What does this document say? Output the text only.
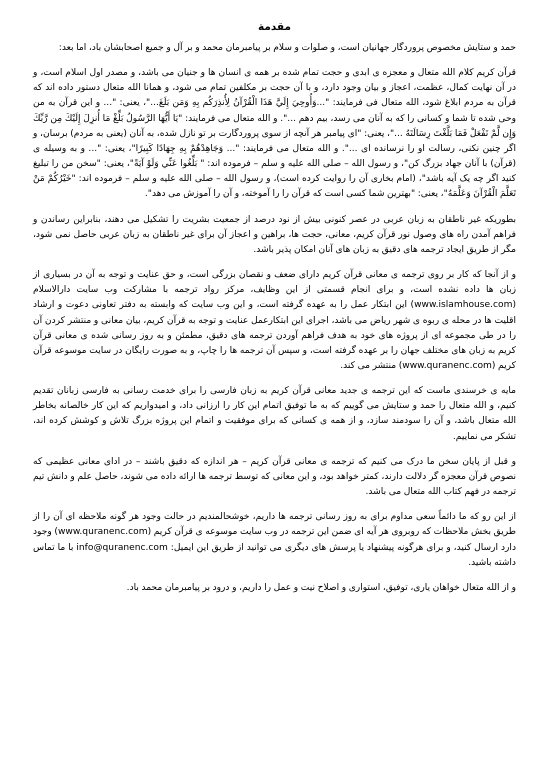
مقدمة

حمد و ستایش مخصوص پروردگار جهانیان است، و صلوات و سلام بر پیامبرمان محمد و بر آل و جمیع اصحابشان باد، اما بعد:

قرآن کریم کلام الله متعال و معجزه ی ابدی و حجت تمام شده بر همه ی انسان ها و جنیان می باشد، و مصدر اول اسلام است، و در آن نهایت کمال، عظمت، اعجاز و بیان وجود دارد، و با آن حجت بر مکلفین تمام می شود، و همانا الله متعال دستور داده اند که قرآن به مردم ابلاغ شود، الله متعال فی فرمایند: "...وَأُوحِيَ إِلَيَّ هَذَا الْقُرْآنُ لِأُنذِرَكُم بِهِ وَمَن بَلَغَ..."، یعنی: "... و این قرآن به من وحی شده تا شما و کسانی را که به آنان می رسد، بیم دهم ...". و الله متعال می فرمایند: "يَا أَيُّهَا الرَّسُولُ بَلِّغْ مَا أُنزِلَ إِلَيْكَ مِن رَّبِّكَ وَإِن لَّمْ تَفْعَلْ فَمَا بَلَّغْتَ رِسَالَتَهُ ..."، یعنی: "ای پیامبر هر آنچه از سوی پروردگارت بر تو نازل شده، به آنان (یعنی به مردم) برسان، و اگر چنین نکنی، رسالت او را نرسانده ای ...". و الله متعال می فرمایند: "... وَجَاهِدْهُمْ بِهِ جِهَادًا كَبِيرًا"، یعنی: "... و به وسیله ی (قرآن) با آنان جهاد بزرگ کن"، و رسول الله – صلی الله علیه و سلم – فرموده اند: " بَلِّغُوا عَنِّي وَلَوْ آيَةً"، یعنی: "سخن من را تبلیغ کنید اگر چه یک آیه باشد"، (امام بخاری آن را روایت کرده است)، و رسول الله – صلی الله علیه و سلم – فرموده اند: "خَيْرُكُمْ مَنْ تَعَلَّمَ الْقُرْآنَ وَعَلَّمَهُ"، یعنی: "بهترین شما کسی است که قرآن را را آموخته، و آن را آموزش می دهد".

بطوریکه غیر ناطقان به زبان عربی در عصر کنونی بیش از نود درصد از جمعیت بشریت را تشکیل می دهند، بنابراین رساندن و فراهم آمدن راه های وصول نور قرآن کریم، معانی، حجت ها، براهین و اعجاز آن برای غیر ناطقان به زبان عربی حاصل نمی شود، مگر از طریق ایجاد ترجمه های دقیق به زبان های آنان امکان پذیر باشد.

و از آنجا که کار بر روی ترجمه ی معانی قرآن کریم دارای ضعف و نقصان بزرگی است، و حق عنایت و توجه به آن در بسیاری از زبان ها داده نشده است، و برای انجام قسمتی از این وظایف، مرکز رواد ترجمه با مشارکت وب سایت دارالاسلام (www.islamhouse.com) این ابتکار عمل را به عهده گرفته است، و این وب سایت که وابسته به دفتر تعاونی دعوت و ارشاد اقلیت ها در محله ی ربوه ی شهر ریاض می باشد، اجرای این ابتکارعمل عنایت و توجه به قرآن کریم، بیان معانی و منتشر کردن آن را در طی مجموعه ای از پروژه های خود به هدف فراهم آوردن ترجمه های دقیق، مطمئن و به روز رسانی شده ی معانی قرآن کریم به زبان های مختلف جهان را بر عهده گرفته است، و سپس آن ترجمه ها را چاپ، و به صورت رایگان در سایت موسوعه قرآن کریم (www.quranenc.com) منتشر می کند.

مایه ی خرسندی ماست که این ترجمه ی جدید معانی قرآن کریم به زبان فارسی را برای خدمت رسانی به فارسی زبانان تقدیم کنیم، و الله متعال را حمد و ستایش می گوییم که به ما توفیق اتمام این کار را ارزانی داد، و امیدواریم که این کار خالصانه بخاطر الله متعال باشد، و آن را سودمند سازد، و از همه ی کسانی که برای موفقیت و اتمام این پروژه بزرگ تلاش و کوشش کرده اند، تشکر می نماییم.

و قبل از پایان سخن ما درک می کنیم که ترجمه ی معانی قرآن کریم – هر اندازه که دقیق باشند – در ادای معانی عظیمی که نصوص قرآن معجزه گر دلالت دارند، کمتر خواهد بود، و این معانی که توسط ترجمه ها ارائه داده می شوند، حاصل علم و دانش تیم ترجمه در فهم کتاب الله متعال می باشد.

از این رو که ما دائماً سعی مداوم برای به روز رسانی ترجمه ها داریم، خوشحالمندیم در حالت وجود هر گونه ملاحظه ای آن را از طریق بخش ملاحظات که روبروی هر آیه ای ضمن این ترجمه در وب سایت موسوعه ی قرآن کریم (www.quranenc.com) وجود دارد ارسال کنید، و برای هرگونه پیشنهاد یا پرسش های دیگری می توانید از طریق این ایمیل: info@quranenc.com با ما تماس داشته باشید.

و از الله متعال خواهان یاری، توفیق، استواری و اصلاح نیت و عمل را داریم، و درود بر پیامبرمان محمد باد.
